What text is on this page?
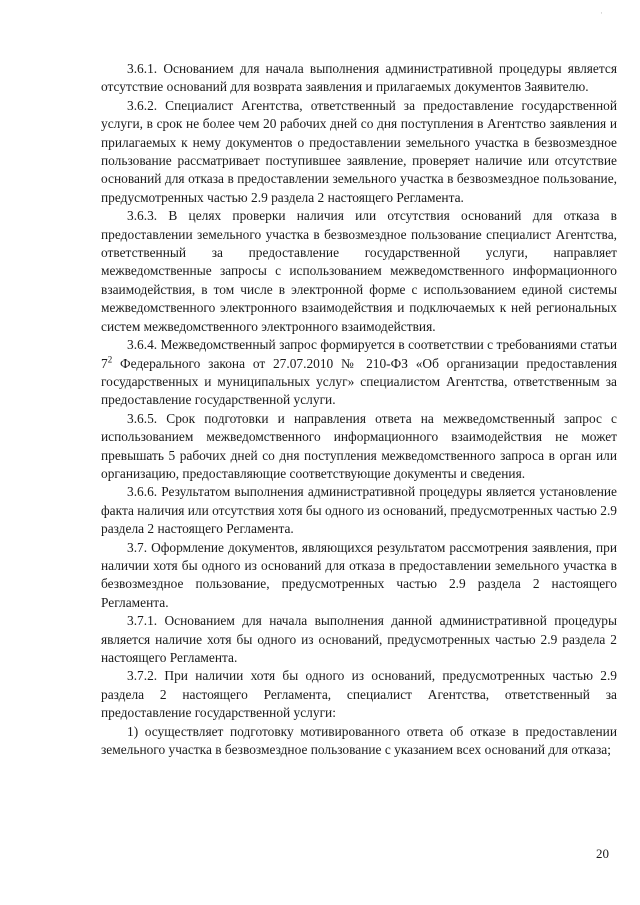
·

3.6.1. Основанием для начала выполнения административной процедуры является отсутствие оснований для возврата заявления и прилагаемых документов Заявителю.

3.6.2. Специалист Агентства, ответственный за предоставление государственной услуги, в срок не более чем 20 рабочих дней со дня поступления в Агентство заявления и прилагаемых к нему документов о предоставлении земельного участка в безвозмездное пользование рассматривает поступившее заявление, проверяет наличие или отсутствие оснований для отказа в предоставлении земельного участка в безвозмездное пользование, предусмотренных частью 2.9 раздела 2 настоящего Регламента.

3.6.3. В целях проверки наличия или отсутствия оснований для отказа в предоставлении земельного участка в безвозмездное пользование специалист Агентства, ответственный за предоставление государственной услуги, направляет межведомственные запросы с использованием межведомственного информационного взаимодействия, в том числе в электронной форме с использованием единой системы межведомственного электронного взаимодействия и подключаемых к ней региональных систем межведомственного электронного взаимодействия.

3.6.4. Межведомственный запрос формируется в соответствии с требованиями статьи $7^2$ Федерального закона от 27.07.2010 № 210-ФЗ «Об организации предоставления государственных и муниципальных услуг» специалистом Агентства, ответственным за предоставление государственной услуги.

3.6.5. Срок подготовки и направления ответа на межведомственный запрос с использованием межведомственного информационного взаимодействия не может превышать 5 рабочих дней со дня поступления межведомственного запроса в орган или организацию, предоставляющие соответствующие документы и сведения.

3.6.6. Результатом выполнения административной процедуры является установление факта наличия или отсутствия хотя бы одного из оснований, предусмотренных частью 2.9 раздела 2 настоящего Регламента.

3.7. Оформление документов, являющихся результатом рассмотрения заявления, при наличии хотя бы одного из оснований для отказа в предоставлении земельного участка в безвозмездное пользование, предусмотренных частью 2.9 раздела 2 настоящего Регламента.

3.7.1. Основанием для начала выполнения данной административной процедуры является наличие хотя бы одного из оснований, предусмотренных частью 2.9 раздела 2 настоящего Регламента.

3.7.2. При наличии хотя бы одного из оснований, предусмотренных частью 2.9 раздела 2 настоящего Регламента, специалист Агентства, ответственный за предоставление государственной услуги:

1) осуществляет подготовку мотивированного ответа об отказе в предоставлении земельного участка в безвозмездное пользование с указанием всех оснований для отказа;

20
